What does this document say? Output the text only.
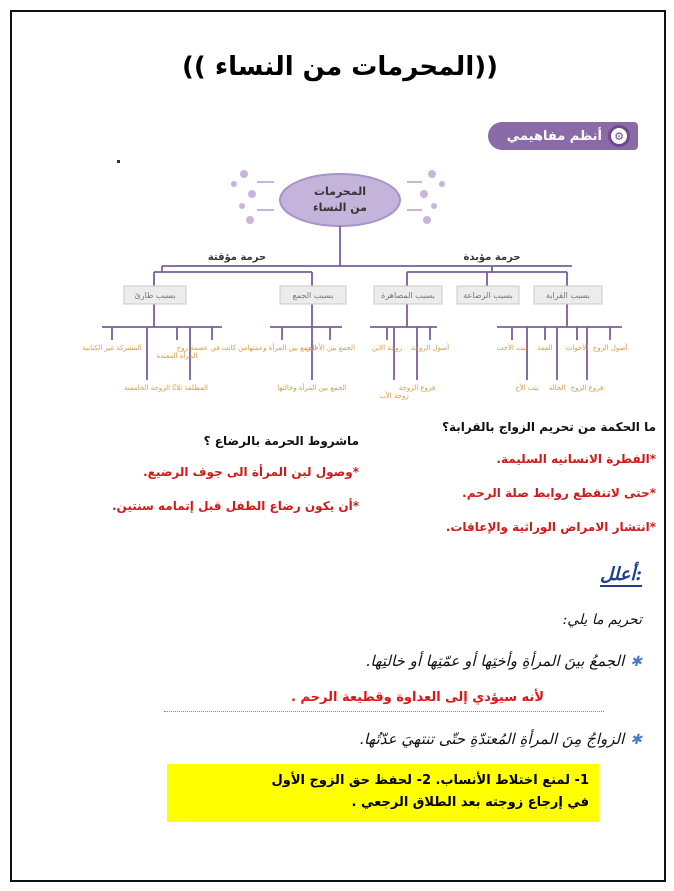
(( المحرمات من النساء))
أنظم مفاهيمي	⚙
المحرمات
من النساء
حرمة مؤبدة
حرمة مؤقتة
بسبب القرابة
بسبب الرضاعة
بسبب المصاهرة
بسبب الجمع
بسبب طارئ
أصول الزوج
الأخوات
العمة
بنت الأخت
فروع الزوج
الخالة
بنت الأخ
أصول الزوجة
زوجة الابن
فروع الزوجة
زوجة الأب
الجمع بين الأختين
الجمع بين المرأة وعمتها
الجمع بين المرأة وخالتها
من كانت في عصمة زوج
المرأة المعتدة
المشركة غير الكتابية
المطلقة ثلاثًا
الزوجة الخامسة
ما الحكمة من تحريم الزواج بالقرابة؟
*الفطرة الانسانيه السليمة.
*حتى لاتنقطع روابط صلة الرحم.
*انتشار الامراض الوراثية والإعاقات.
ماشروط الحرمة بالرضاع ؟
*وصول لبن المرأة الى جوف الرضيع.
*أن يكون رضاع الطفل قبل إتمامه سنتين.
أعلل:
تحريم ما يلي:
✱الجمعُ بينَ المرأةِ وأختِها أو عمّتِها أو خالتِها.
لأنه سيؤدي إلى العداوة وقطيعة الرحم .
✱الزواجُ مِنَ المرأةِ المُعتدّةِ حتّى تنتهيَ عدّتُها.
1- لمنع اختلاط الأنساب. 2- لحفظ حق الزوج الأول
في إرجاع زوجته بعد الطلاق الرجعي .
